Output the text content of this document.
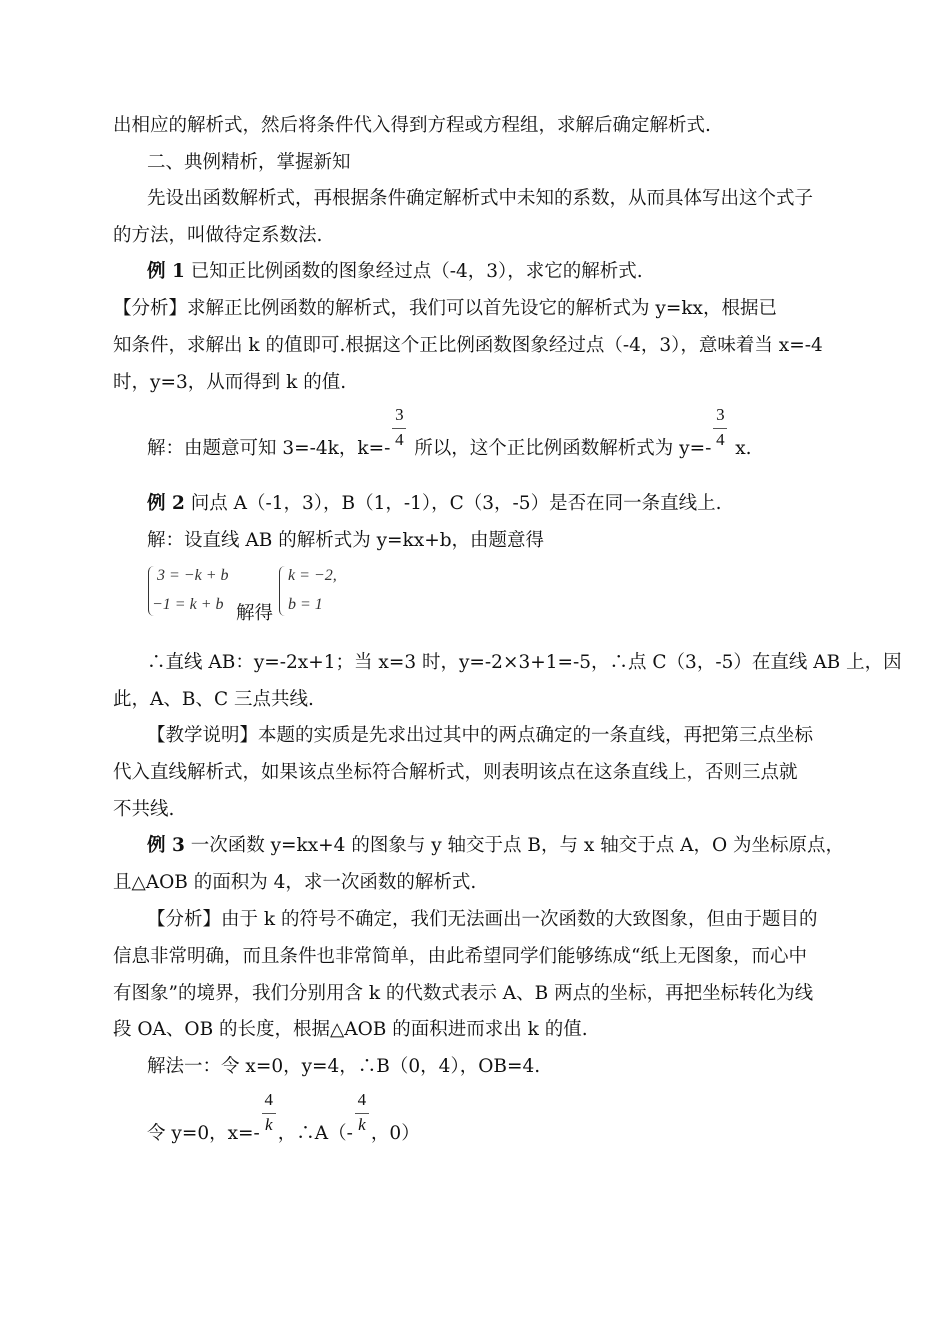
出相应的解析式，然后将条件代入得到方程或方程组，求解后确定解析式.
二、典例精析，掌握新知
先设出函数解析式，再根据条件确定解析式中未知的系数，从而具体写出这个式子
的方法，叫做待定系数法.
例 1 已知正比例函数的图象经过点（-4，3），求它的解析式.
【分析】求解正比例函数的解析式，我们可以首先设它的解析式为 y=kx，根据已
知条件，求解出 k 的值即可.根据这个正比例函数图象经过点（-4，3），意味着当 x=-4
时，y=3，从而得到 k 的值.
解：由题意可知 3=-4k，$k=- \frac{3}{4}$ 所以，这个正比例函数解析式为 $y=- \frac{3}{4} x$.
例 2 问点 A（-1，3），B（1，-1），C（3，-5）是否在同一条直线上.
解：设直线 AB 的解析式为 y=kx+b，由题意得
3 = −k + b
−1 = k + b 解得
k = −2,
b = 1
∴直线 AB：y=-2x+1；当 x=3 时，y=-2×3+1=-5，∴点 C（3，-5）在直线 AB 上，因
此，A、B、C 三点共线.
【教学说明】本题的实质是先求出过其中的两点确定的一条直线，再把第三点坐标
代入直线解析式，如果该点坐标符合解析式，则表明该点在这条直线上，否则三点就
不共线.
例 3 一次函数 y=kx+4 的图象与 y 轴交于点 B，与 x 轴交于点 A，O 为坐标原点，
且△AOB 的面积为 4，求一次函数的解析式.
【分析】由于 k 的符号不确定，我们无法画出一次函数的大致图象，但由于题目的
信息非常明确，而且条件也非常简单，由此希望同学们能够练成“纸上无图象，而心中
有图象”的境界，我们分别用含 k 的代数式表示 A、B 两点的坐标，再把坐标转化为线
段 OA、OB 的长度，根据△AOB 的面积进而求出 k 的值.
解法一：令 x=0，y=4，∴B（0，4），OB=4.
令 y=0，$x=- \frac{4}{k}$ ，∴A（- $\frac{4}{k}$ ，0）
